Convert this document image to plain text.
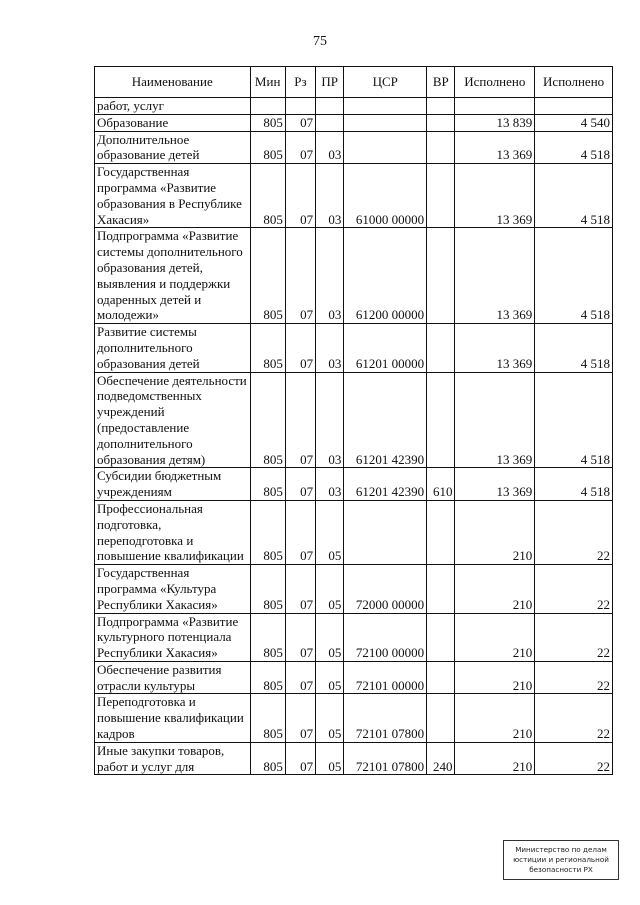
75
Наименование	Мин	Рз	ПР	ЦСР	ВР	Исполнено	Исполнено
работ, услуг							
Образование	805	07				13 839	4 540
Дополнительное образование детей	805	07	03			13 369	4 518
Государственная программа «Развитие образования в Республике Хакасия»	805	07	03	61000 00000		13 369	4 518
Подпрограмма «Развитие системы дополнительного образования детей, выявления и поддержки одаренных детей и молодежи»	805	07	03	61200 00000		13 369	4 518
Развитие системы дополнительного образования детей	805	07	03	61201 00000		13 369	4 518
Обеспечение деятельности подведомственных учреждений (предоставление дополнительного образования детям)	805	07	03	61201 42390		13 369	4 518
Субсидии бюджетным учреждениям	805	07	03	61201 42390	610	13 369	4 518
Профессиональная подготовка, переподготовка и повышение квалификации	805	07	05			210	22
Государственная программа «Культура Республики Хакасия»	805	07	05	72000 00000		210	22
Подпрограмма «Развитие культурного потенциала Республики Хакасия»	805	07	05	72100 00000		210	22
Обеспечение развития отрасли культуры	805	07	05	72101 00000		210	22
Переподготовка и повышение квалификации кадров	805	07	05	72101 07800		210	22
Иные закупки товаров, работ и услуг для	805	07	05	72101 07800	240	210	22
Министерство по делам
юстиции и региональной
безопасности РХ
